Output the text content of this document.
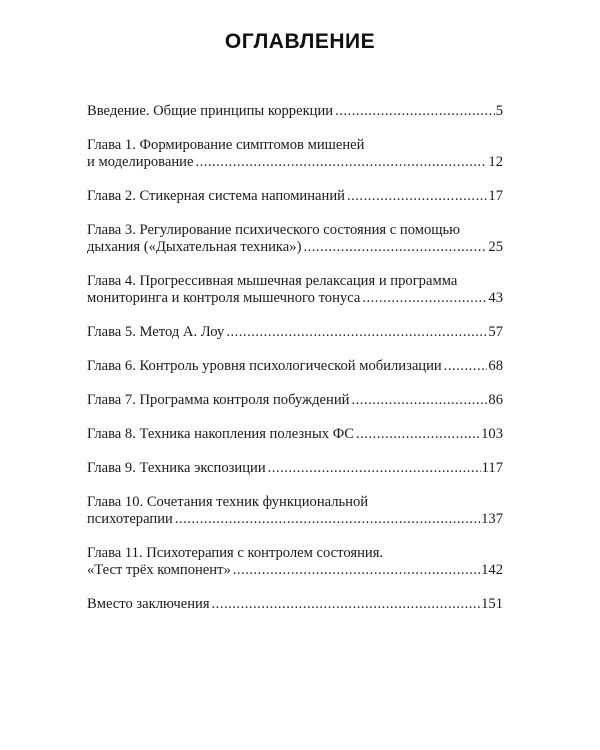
ОГЛАВЛЕНИЕ
Введение. Общие принципы коррекции .....	5
Глава 1. Формирование симптомов мишеней
и моделирование .....	12
Глава 2. Стикерная система напоминаний .....	17
Глава 3. Регулирование психического состояния с помощью
дыхания («Дыхательная техника») .....	25
Глава 4. Прогрессивная мышечная релаксация и программа
мониторинга и контроля мышечного тонуса .....	43
Глава 5. Метод А. Лоу .....	57
Глава 6. Контроль уровня психологической мобилизации .....	68
Глава 7. Программа контроля побуждений .....	86
Глава 8. Техника накопления полезных ФС .....	103
Глава 9. Техника экспозиции .....	117
Глава 10. Сочетания техник функциональной
психотерапии .....	137
Глава 11. Психотерапия с контролем состояния.
«Тест трёх компонент» .....	142
Вместо заключения .....	151
